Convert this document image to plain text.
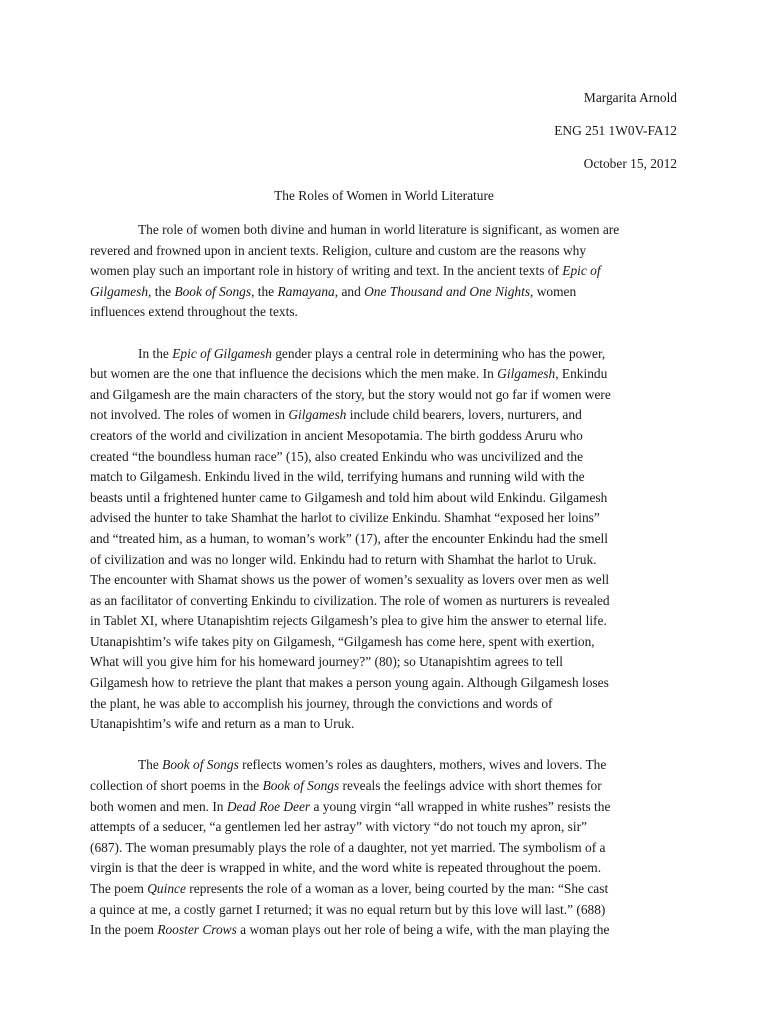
Margarita Arnold
ENG 251 1W0V-FA12
October 15, 2012
The Roles of Women in World Literature

The role of women both divine and human in world literature is significant, as women are
revered and frowned upon in ancient texts. Religion, culture and custom are the reasons why
women play such an important role in history of writing and text. In the ancient texts of Epic of
Gilgamesh, the Book of Songs, the Ramayana, and One Thousand and One Nights, women
influences extend throughout the texts.

In the Epic of Gilgamesh gender plays a central role in determining who has the power,
but women are the one that influence the decisions which the men make. In Gilgamesh, Enkindu
and Gilgamesh are the main characters of the story, but the story would not go far if women were
not involved. The roles of women in Gilgamesh include child bearers, lovers, nurturers, and
creators of the world and civilization in ancient Mesopotamia. The birth goddess Aruru who
created “the boundless human race” (15), also created Enkindu who was uncivilized and the
match to Gilgamesh. Enkindu lived in the wild, terrifying humans and running wild with the
beasts until a frightened hunter came to Gilgamesh and told him about wild Enkindu. Gilgamesh
advised the hunter to take Shamhat the harlot to civilize Enkindu. Shamhat “exposed her loins”
and “treated him, as a human, to woman’s work” (17), after the encounter Enkindu had the smell
of civilization and was no longer wild. Enkindu had to return with Shamhat the harlot to Uruk.
The encounter with Shamat shows us the power of women’s sexuality as lovers over men as well
as an facilitator of converting Enkindu to civilization. The role of women as nurturers is revealed
in Tablet XI, where Utanapishtim rejects Gilgamesh’s plea to give him the answer to eternal life.
Utanapishtim’s wife takes pity on Gilgamesh, “Gilgamesh has come here, spent with exertion,
What will you give him for his homeward journey?” (80); so Utanapishtim agrees to tell
Gilgamesh how to retrieve the plant that makes a person young again. Although Gilgamesh loses
the plant, he was able to accomplish his journey, through the convictions and words of
Utanapishtim’s wife and return as a man to Uruk.

The Book of Songs reflects women’s roles as daughters, mothers, wives and lovers. The
collection of short poems in the Book of Songs reveals the feelings advice with short themes for
both women and men. In Dead Roe Deer a young virgin “all wrapped in white rushes” resists the
attempts of a seducer, “a gentlemen led her astray” with victory “do not touch my apron, sir”
(687). The woman presumably plays the role of a daughter, not yet married. The symbolism of a
virgin is that the deer is wrapped in white, and the word white is repeated throughout the poem.
The poem Quince represents the role of a woman as a lover, being courted by the man: “She cast
a quince at me, a costly garnet I returned; it was no equal return but by this love will last.” (688)
In the poem Rooster Crows a woman plays out her role of being a wife, with the man playing the
